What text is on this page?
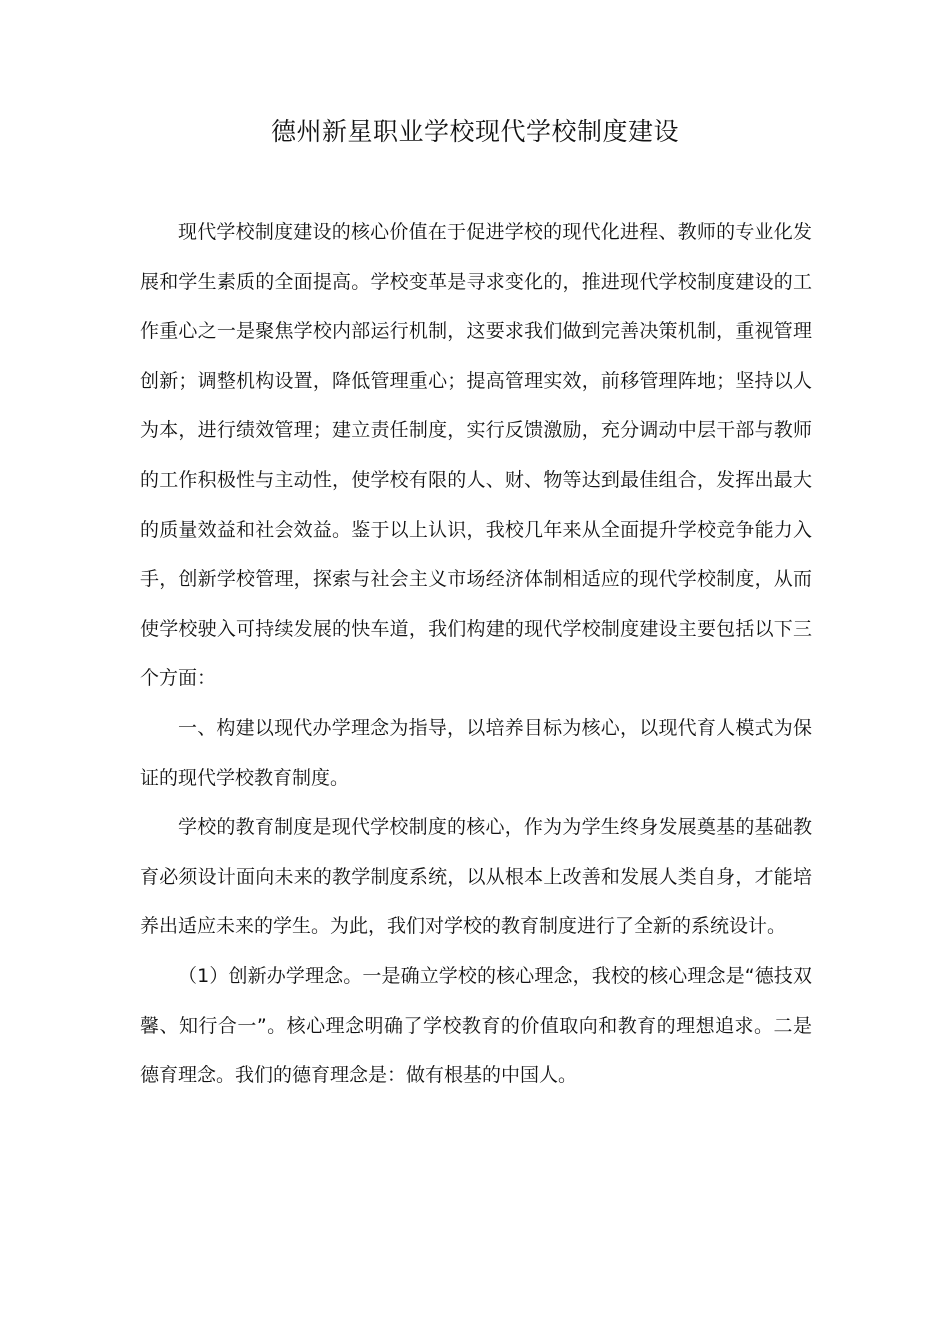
德州新星职业学校现代学校制度建设

现代学校制度建设的核心价值在于促进学校的现代化进程、教师的专业化发展和学生素质的全面提高。学校变革是寻求变化的，推进现代学校制度建设的工作重心之一是聚焦学校内部运行机制，这要求我们做到完善决策机制，重视管理创新；调整机构设置，降低管理重心；提高管理实效，前移管理阵地；坚持以人为本，进行绩效管理；建立责任制度，实行反馈激励，充分调动中层干部与教师的工作积极性与主动性，使学校有限的人、财、物等达到最佳组合，发挥出最大的质量效益和社会效益。鉴于以上认识，我校几年来从全面提升学校竞争能力入手，创新学校管理，探索与社会主义市场经济体制相适应的现代学校制度，从而使学校驶入可持续发展的快车道，我们构建的现代学校制度建设主要包括以下三个方面：

一、构建以现代办学理念为指导，以培养目标为核心，以现代育人模式为保证的现代学校教育制度。

学校的教育制度是现代学校制度的核心，作为为学生终身发展奠基的基础教育必须设计面向未来的教学制度系统，以从根本上改善和发展人类自身，才能培养出适应未来的学生。为此，我们对学校的教育制度进行了全新的系统设计。

（1）创新办学理念。一是确立学校的核心理念，我校的核心理念是“德技双馨、知行合一”。核心理念明确了学校教育的价值取向和教育的理想追求。二是德育理念。我们的德育理念是：做有根基的中国人。
